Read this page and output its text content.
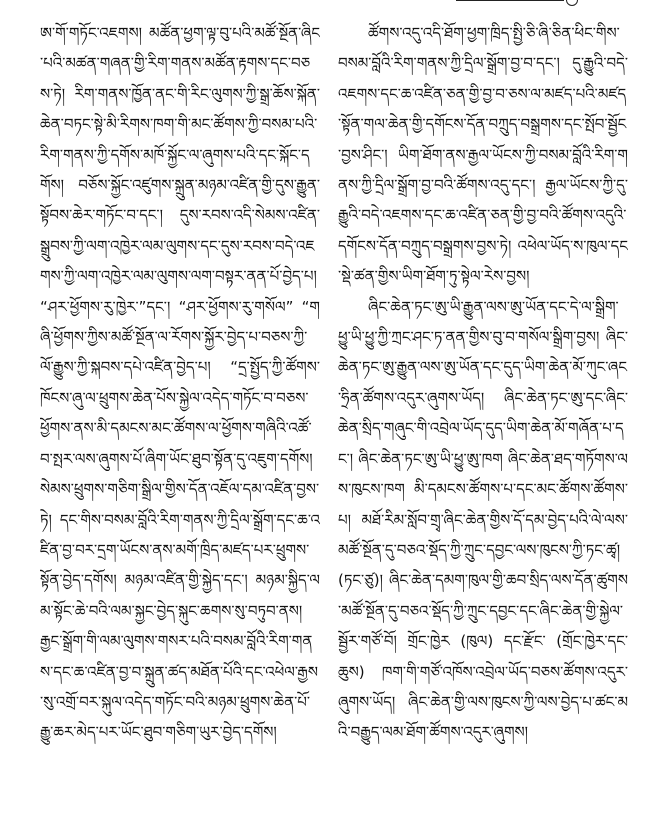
ཨ་གོ་གཏོང་འཇགས། མཚོན་ཕྱག་ལྟ་བུ་པའི་མཚོ་སྔོན་ཞིང་པའི་མཚན་གཞན་གྱི་རིག་གནས་མཚོན་རྟགས་དང་བཅས་ཏེ། རིག་གནས་ཁྱོན་ནང་གི་རིང་ལུགས་ཀྱི་སྒྲ་ཆོས་སྐོན་ཆེན་བཏང་སྟེ་མི་རིགས་ཁག་གི་མང་ཚོགས་ཀྱི་བསམ་པའི་རིག་གནས་ཀྱི་དགོས་མཁོ་སྐྱོང་ལ་ཞུགས་པའི་དང་སྐོང་དགོས། བཅོས་སྐྱོང་འཛུགས་སྐྲུན་མཉམ་འཛིན་གྱི་དུས་རྒྱུན་སྟོབས་ཆེར་གཏོང་བ་དང་། དུས་རབས་འདི་སེམས་འཛིན་སྒྲུབས་ཀྱི་ལག་འཁྱེར་ལམ་ལུགས་དང་དུས་རབས་བདེ་འཇགས་ཀྱི་ལག་འཁྱེར་ལམ་ལུགས་ལག་བསྟར་ནན་པོ་བྱེད་པ། “ཤར་ཕྱོགས་རུ་ཁྱེར་”དང་། “ཤར་ཕྱོགས་རུ་གསོལ” “གཞི་ཕྱོགས་ཀྱིས་མཚོ་སྔོན་ལ་རོགས་སྐྱོར་བྱེད་པ་བཅས་ཀྱི་ལོ་རྒྱུས་ཀྱི་སྐབས་དཔེ་འཛིན་བྱེད་པ། “དྲ་སྤྱོད་ཀྱི་ཚོགས་ཁོངས་ཞུ་ལ་ཕྲུགས་ཆེན་པོས་སྐྱེལ་འདེད་གཏོང་བ་བཅས་ཕྱོགས་ནས་མི་དམངས་མང་ཚོགས་ལ་ཕྱོགས་གཞིའི་འཚོ་བ་སྤར་ལས་ཞུགས་པོ་ཞིག་ཡོང་ཐུབ་སྟོན་དུ་འཇུག་དགོས། སེམས་ཕྲུགས་གཅིག་སྒྲིལ་གྱིས་དོན་འཇོལ་དམ་འཛིན་བྱས་ཏེ། དང་གིས་བསམ་བློའི་རིག་གནས་ཀྱི་དྲིལ་སྒྲོག་དང་ཆ་འཛིན་བྱ་བར་དྲག་ཡོངས་ནས་མགོ་ཁྲིད་མཛད་པར་ཕྲུགས་སྟོན་བྱེད་དགོས། མཉམ་འཛིན་གྱི་སྐྱེད་དང་། མཉམ་སྐྱིད་ལམ་སྟོང་ཆེ་བའི་ལམ་སྐྱང་བྱེད་སྐུང་ཆགས་སུ་བཏུབ་ནས། རྒྱང་སྒྲོག་གི་ལམ་ལུགས་གསར་པའི་བསམ་བློའི་རིག་གནས་དང་ཆ་འཛིན་བྱ་བ་སྐྲུན་ཚད་མཐོན་པོའི་དང་འཕེལ་རྒྱས་སུ་འགྲོ་བར་སྐུལ་འདེད་གཏོང་བའི་མཉམ་ཕྲུགས་ཆེན་པོ་རྒྱུ་ཆར་མེད་པར་ཡོང་ཐུབ་གཅིག་ཡུར་བྱེད་དགོས།

ཚོགས་འདུ་འདི་ཐོག་ཕྱག་ཁྲིད་སྤྱི་ཅི་ཞི་ཅིན་ཕིང་གིས་བསམ་བློའི་རིག་གནས་ཀྱི་དྲིལ་སྒྲོག་བྱ་བ་དང་། དུ་རྒྱུའི་བདེ་འཇགས་དང་ཆ་འཛིན་ཅན་གྱི་བྱ་བ་ཅས་ལ་མཛད་པའི་མཛད་སྟོན་གལ་ཆེན་གྱི་དགོངས་དོན་བཀྲུད་བསྒྲགས་དང་སྤོབ་སྦྱོང་བྱས་ཤིང་། ཡིག་ཐོག་ནས་རྒྱལ་ཡོངས་ཀྱི་བསམ་བློའི་རིག་གནས་ཀྱི་དྲིལ་སྒྲོག་བྱ་བའི་ཚོགས་འདུ་དང་། རྒྱལ་ཡོངས་ཀྱི་དུ་རྒྱུའི་བདེ་འཇགས་དང་ཆ་འཛིན་ཅན་གྱི་བྱ་བའི་ཚོགས་འདུའི་དགོངས་དོན་བཀྲུད་བསྒྲགས་བྱས་ཏེ། འཕེལ་ཡོད་ས་ཁུལ་དང་སྡེ་ཚན་གྱིས་ཡིག་ཐོག་ཏུ་སྟེལ་རེས་བྱས།

ཞིང་ཆེན་ཏང་ཨུ་ཡི་རྒྱུན་ལས་ཨུ་ཡོན་དང་དེ་ལ་སྒྲིག་ཕྱུ་ཡི་ཕྱུ་ཀྱི་ཀྲང་ཤང་ཏ་ནན་གྱིས་བུ་བ་གསོལ་སྒྲིག་བྱས། ཞིང་ཆེན་ཏང་ཨུ་རྒྱུན་ལས་ཨུ་ཡོན་དང་དུད་ཡིག་ཆེན་མོ་ཀུང་ཞང་ཧྲིན་ཚོགས་འདུར་ཞུགས་ཡོད། ཞིང་ཆེན་ཏང་ཨུ་དང་ཞིང་ཆེན་སྲིད་གཞུང་གི་འབྲེལ་ཡོད་དུད་ཡིག་ཆེན་མོ་གཞོན་པ་དང་། ཞིང་ཆེན་ཏང་ཨུ་ཡི་ཕྱུ་ཨུ་ཁག ཞིང་ཆེན་ཐད་གཏོགས་ལས་ཁུངས་ཁག མི་དམངས་ཚོགས་པ་དང་མང་ཚོགས་ཚོགས་པ། མཐོ་རིམ་སློབ་གྲྭ་ཞིང་ཆེན་གྱིས་དོ་དམ་བྱེད་པའི་ལེ་ལས་ མཚོ་སྔོན་དུ་བཅའ་སྡོད་ཀྱི་ཀྲུང་དབྱང་ལས་ཁུངས་ཀྱི་ཏང་ཚྭ། (ཏང་ཙུ)། ཞིང་ཆེན་དམག་ཁུལ་གྱི་ཆབ་སྲིད་ལས་དོན་ཚུགས་མཚོ་སྔོན་དུ་བཅའ་སྡོད་ཀྱི་ཀྲུང་དབྱང་དང་ཞིང་ཆེན་གྱི་སྐྱེལ་སྦྱོར་གཙོ་བོ། གྲོང་ཁྱེར (ཁུལ) དང་རྫོང་ (གྲོང་ཁྱེར་དང་ཆུས) ཁག་གི་གཙོ་འཁོས་འབྲེལ་ཡོད་བཅས་ཚོགས་འདུར་ཞུགས་ཡོད། ཞིང་ཆེན་གྱི་ལས་ཁུངས་ཀྱི་ལས་བྱེད་པ་ཚང་མའི་བརྒྱུད་ལམ་ཐོག་ཚོགས་འདུར་ཞུགས།
